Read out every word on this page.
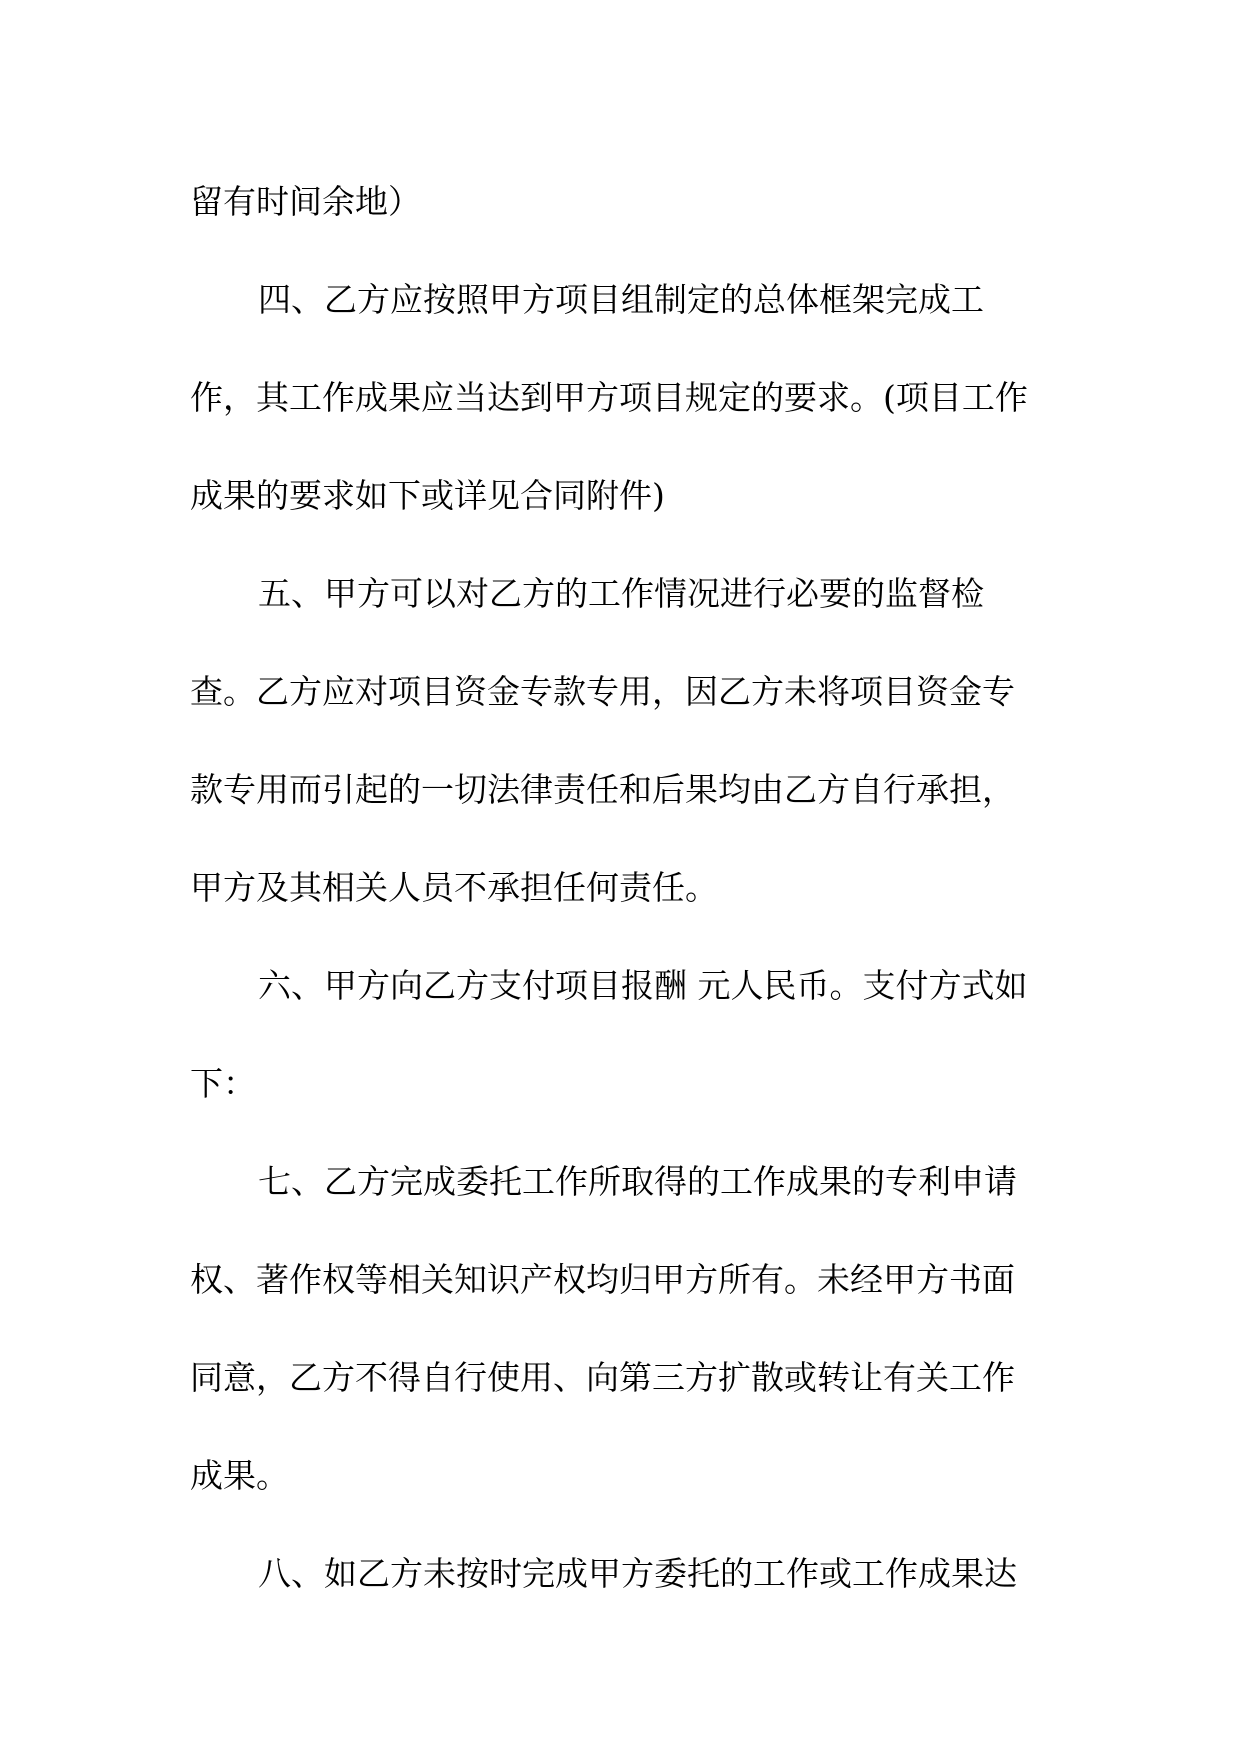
留有时间余地）
四、乙方应按照甲方项目组制定的总体框架完成工
作，其工作成果应当达到甲方项目规定的要求。(项目工作
成果的要求如下或详见合同附件)
五、甲方可以对乙方的工作情况进行必要的监督检
查。乙方应对项目资金专款专用，因乙方未将项目资金专
款专用而引起的一切法律责任和后果均由乙方自行承担，
甲方及其相关人员不承担任何责任。
六、甲方向乙方支付项目报酬 元人民币。支付方式如
下：
七、乙方完成委托工作所取得的工作成果的专利申请
权、著作权等相关知识产权均归甲方所有。未经甲方书面
同意，乙方不得自行使用、向第三方扩散或转让有关工作
成果。
八、如乙方未按时完成甲方委托的工作或工作成果达
